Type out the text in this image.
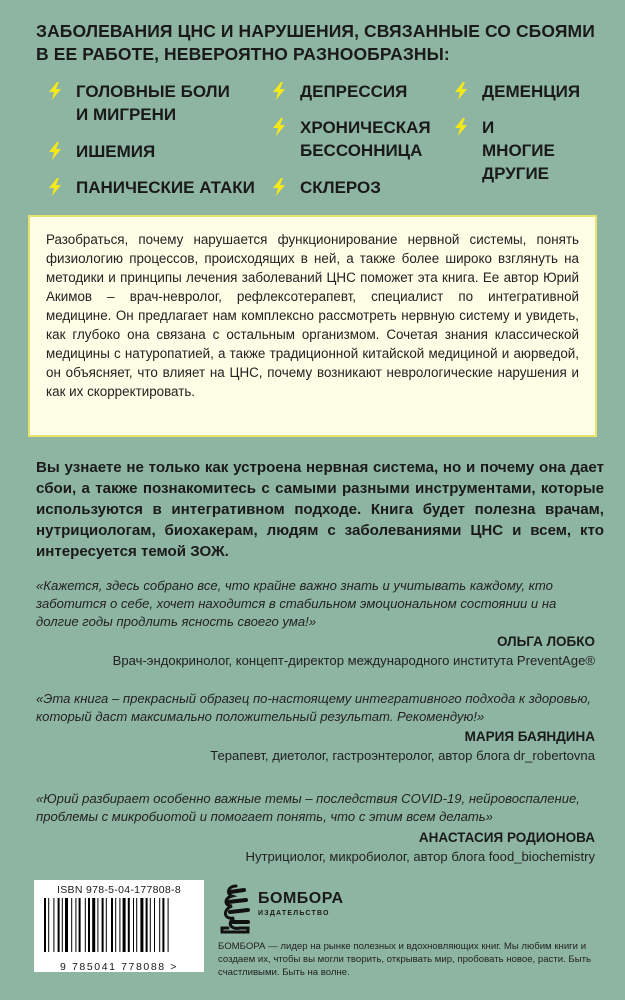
ЗАБОЛЕВАНИЯ ЦНС И НАРУШЕНИЯ, СВЯЗАННЫЕ СО СБОЯМИ В ЕЕ РАБОТЕ, НЕВЕРОЯТНО РАЗНООБРАЗНЫ:
ГОЛОВНЫЕ БОЛИ И МИГРЕНИ
ИШЕМИЯ
ПАНИЧЕСКИЕ АТАКИ
ДЕПРЕССИЯ
ХРОНИЧЕСКАЯ БЕССОННИЦА
СКЛЕРОЗ
ДЕМЕНЦИЯ
И МНОГИЕ ДРУГИЕ

Разобраться, почему нарушается функционирование нервной системы, понять физиологию процессов, происходящих в ней, а также более широко взглянуть на методики и принципы лечения заболеваний ЦНС поможет эта книга. Ее автор Юрий Акимов – врач-невролог, рефлексотерапевт, специалист по интегративной медицине. Он предлагает нам комплексно рассмотреть нервную систему и увидеть, как глубоко она связана с остальным организмом. Сочетая знания классической медицины с натуропатией, а также традиционной китайской медициной и аюрведой, он объясняет, что влияет на ЦНС, почему возникают неврологические нарушения и как их скорректировать.

Вы узнаете не только как устроена нервная система, но и почему она дает сбои, а также познакомитесь с самыми разными инструментами, которые используются в интегративном подходе. Книга будет полезна врачам, нутрициологам, биохакерам, людям с заболеваниями ЦНС и всем, кто интересуется темой ЗОЖ.
«Кажется, здесь собрано все, что крайне важно знать и учитывать каждому, кто заботится о себе, хочет находится в стабильном эмоциональном состоянии и на долгие годы продлить ясность своего ума!»
ОЛЬГА ЛОБКО
Врач-эндокринолог, концепт-директор международного института PreventAge®
«Эта книга – прекрасный образец по-настоящему интегративного подхода к здоровью, который даст максимально положительный результат. Рекомендую!»
МАРИЯ БАЯНДИНА
Терапевт, диетолог, гастроэнтеролог, автор блога dr_robertovna
«Юрий разбирает особенно важные темы – последствия COVID-19, нейровоспаление, проблемы с микробиотой и помогает понять, что с этим всем делать»
АНАСТАСИЯ РОДИОНОВА
Нутрициолог, микробиолог, автор блога food_biochemistry
ISBN 978-5-04-177808-8
9 785041 778088 >
БОМБОРА
ИЗДАТЕЛЬСТВО
БОМБОРА — лидер на рынке полезных и вдохновляющих книг. Мы любим книги и создаем их, чтобы вы могли творить, открывать мир, пробовать новое, расти. Быть счастливыми. Быть на волне.
